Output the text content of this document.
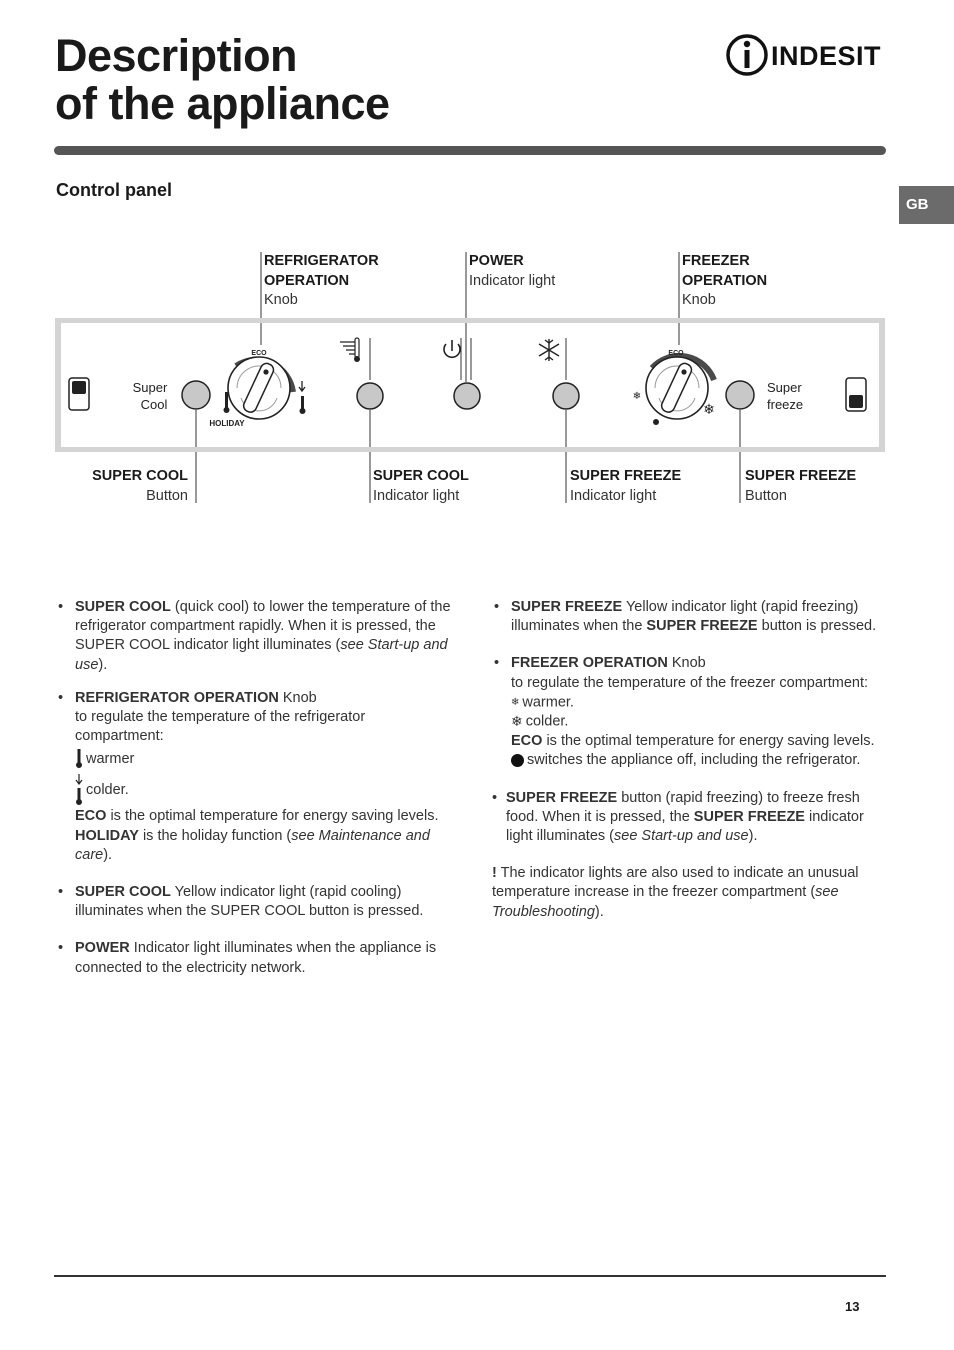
Description
of the appliance
INDESIT
GB
Control panel
REFRIGERATOR
OPERATION
Knob
POWER
Indicator light
FREEZER
OPERATION
Knob
SUPER COOL
Button
SUPER COOL
Indicator light
SUPER FREEZE
Indicator light
SUPER FREEZE
Button
Super
Cool
ECO
HOLIDAY
ECO
❄
❄
Super
freeze

• SUPER COOL (quick cool) to lower the temperature of the refrigerator compartment rapidly. When it is pressed, the SUPER COOL indicator light illuminates (see Start-up and use).

• REFRIGERATOR OPERATION Knob
to regulate the temperature of the refrigerator compartment:

warmer
colder.
ECO is the optimal temperature for energy saving levels.
HOLIDAY is the holiday function (see Maintenance and care).

• SUPER COOL Yellow indicator light (rapid cooling) illuminates when the SUPER COOL button is pressed.

• POWER Indicator light illuminates when the appliance is connected to the electricity network.

• SUPER FREEZE Yellow indicator light (rapid freezing) illuminates when the SUPER FREEZE button is pressed.

• FREEZER OPERATION Knob
to regulate the temperature of the freezer compartment:
❄ warmer.
❄ colder.
ECO is the optimal temperature for energy saving levels.
switches the appliance off, including the refrigerator.

• SUPER FREEZE button (rapid freezing) to freeze fresh food. When it is pressed, the SUPER FREEZE indicator light illuminates (see Start-up and use).

! The indicator lights are also used to indicate an unusual temperature increase in the freezer compartment (see Troubleshooting).

13
